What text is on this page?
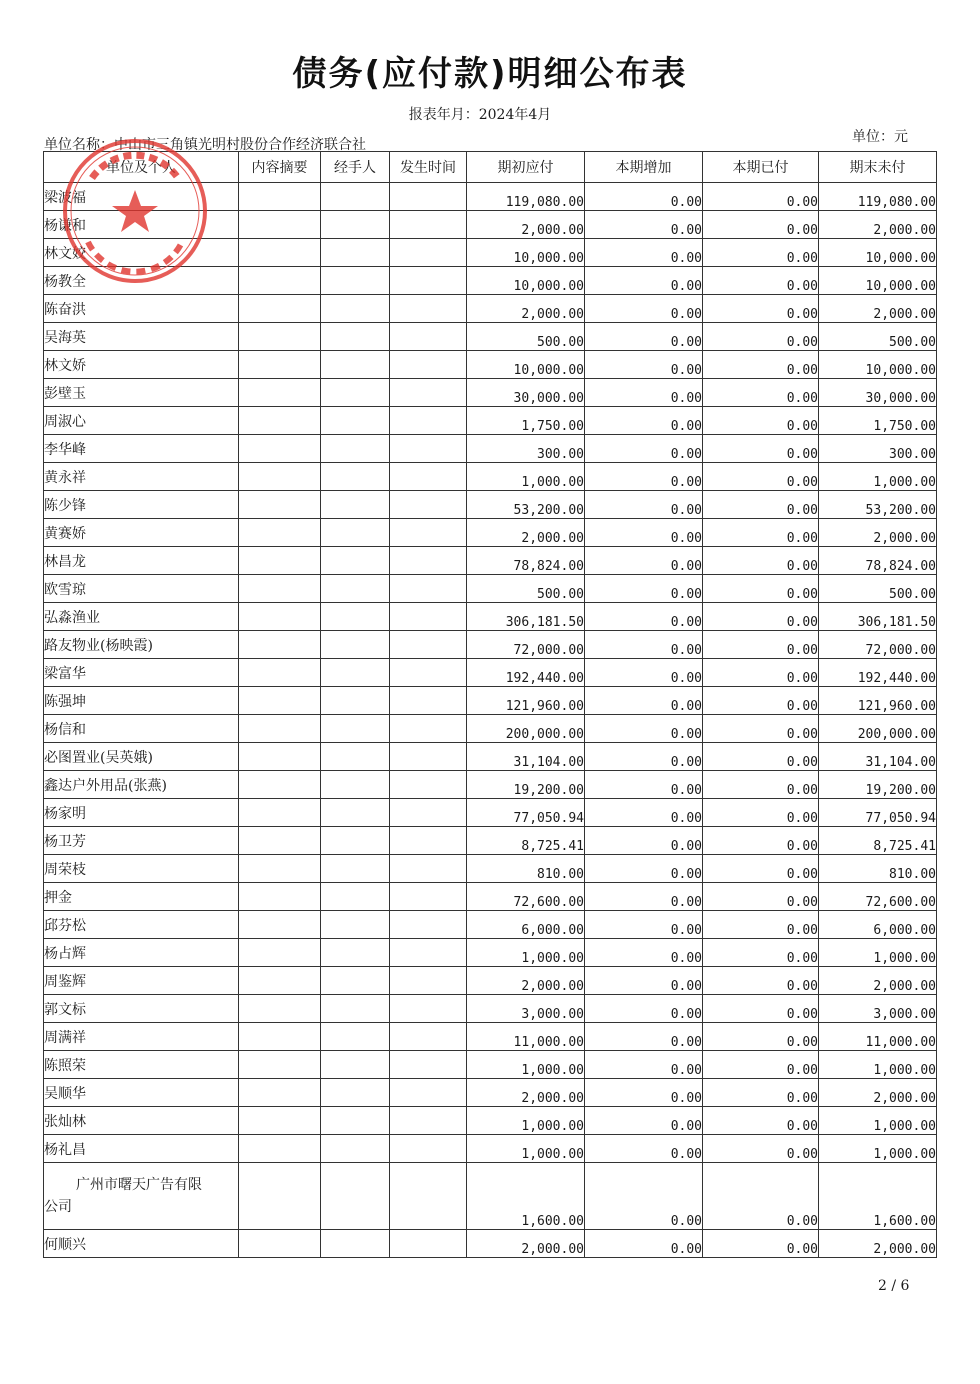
债务(应付款)明细公布表
报表年月：2024年4月
单位名称：中山市三角镇光明村股份合作经济联合社	单位：元
单位及个人	内容摘要	经手人	发生时间	期初应付	本期增加	本期已付	期末未付
梁波福				119,080.00	0.00	0.00	119,080.00
杨谦和				2,000.00	0.00	0.00	2,000.00
林文姣				10,000.00	0.00	0.00	10,000.00
杨教全				10,000.00	0.00	0.00	10,000.00
陈奋洪				2,000.00	0.00	0.00	2,000.00
吴海英				500.00	0.00	0.00	500.00
林文娇				10,000.00	0.00	0.00	10,000.00
彭壁玉				30,000.00	0.00	0.00	30,000.00
周淑心				1,750.00	0.00	0.00	1,750.00
李华峰				300.00	0.00	0.00	300.00
黄永祥				1,000.00	0.00	0.00	1,000.00
陈少锋				53,200.00	0.00	0.00	53,200.00
黄赛娇				2,000.00	0.00	0.00	2,000.00
林昌龙				78,824.00	0.00	0.00	78,824.00
欧雪琼				500.00	0.00	0.00	500.00
弘淼渔业				306,181.50	0.00	0.00	306,181.50
路友物业(杨映霞)				72,000.00	0.00	0.00	72,000.00
梁富华				192,440.00	0.00	0.00	192,440.00
陈强坤				121,960.00	0.00	0.00	121,960.00
杨信和				200,000.00	0.00	0.00	200,000.00
必图置业(吴英娥)				31,104.00	0.00	0.00	31,104.00
鑫达户外用品(张燕)				19,200.00	0.00	0.00	19,200.00
杨家明				77,050.94	0.00	0.00	77,050.94
杨卫芳				8,725.41	0.00	0.00	8,725.41
周荣枝				810.00	0.00	0.00	810.00
押金				72,600.00	0.00	0.00	72,600.00
邱芬松				6,000.00	0.00	0.00	6,000.00
杨占辉				1,000.00	0.00	0.00	1,000.00
周鉴辉				2,000.00	0.00	0.00	2,000.00
郭文标				3,000.00	0.00	0.00	3,000.00
周满祥				11,000.00	0.00	0.00	11,000.00
陈照荣				1,000.00	0.00	0.00	1,000.00
吴顺华				2,000.00	0.00	0.00	2,000.00
张灿林				1,000.00	0.00	0.00	1,000.00
杨礼昌				1,000.00	0.00	0.00	1,000.00

广州市曙天广告有限
公司				1,600.00	0.00	0.00	1,600.00
何顺兴				2,000.00	0.00	0.00	2,000.00
2 / 6
